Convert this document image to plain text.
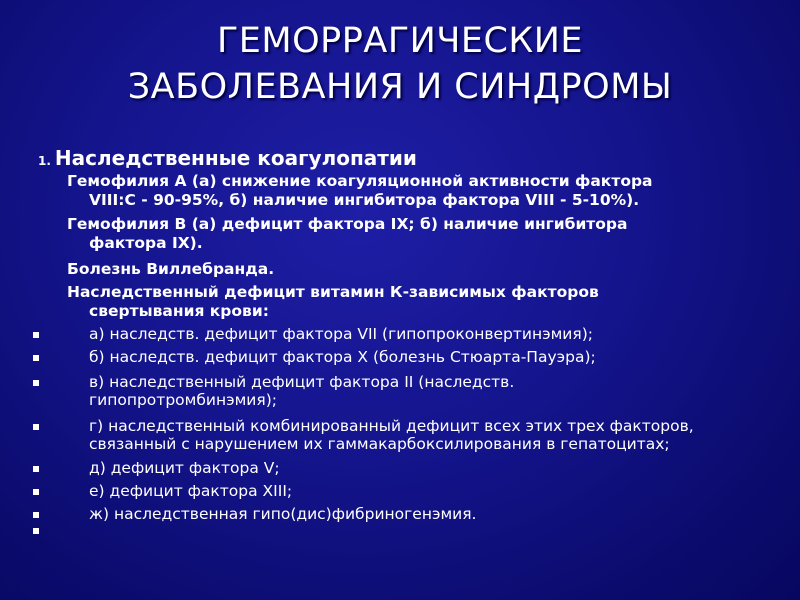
ГЕМОРРАГИЧЕСКИЕ
ЗАБОЛЕВАНИЯ И СИНДРОМЫ
1. Наследственные коагулопатии
Гемофилия А (а) снижение коагуляционной активности фактора
VIII:C - 90-95%, б) наличие ингибитора фактора VIII - 5-10%).
Гемофилия В (а) дефицит фактора IX; б) наличие ингибитора
фактора IX).
Болезнь Виллебранда.
Наследственный дефицит витамин К-зависимых факторов
свертывания крови:
а) наследств. дефицит фактора VII (гипопроконвертинэмия);
б) наследств. дефицит фактора X (болезнь Стюарта-Пауэра);
в) наследственный дефицит фактора II (наследств.
гипопротромбинэмия);
г) наследственный комбинированный дефицит всех этих трех факторов,
связанный с нарушением их гаммакарбоксилирования в гепатоцитах;
д) дефицит фактора V;
е) дефицит фактора XIII;
ж) наследственная гипо(дис)фибриногенэмия.
